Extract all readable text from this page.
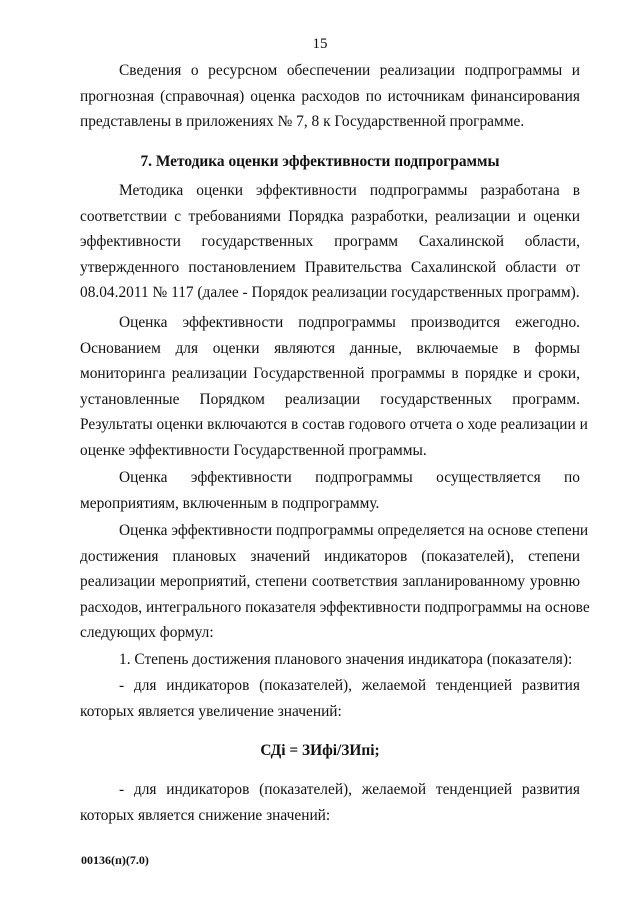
15
Сведения о ресурсном обеспечении реализации подпрограммы и
прогнозная (справочная) оценка расходов по источникам финансирования
представлены в приложениях № 7, 8 к Государственной программе.
7. Методика оценки эффективности подпрограммы
Методика оценки эффективности подпрограммы разработана в
соответствии с требованиями Порядка разработки, реализации и оценки
эффективности государственных программ Сахалинской области,
утвержденного постановлением Правительства Сахалинской области от
08.04.2011 № 117 (далее - Порядок реализации государственных программ).
Оценка эффективности подпрограммы производится ежегодно.
Основанием для оценки являются данные, включаемые в формы
мониторинга реализации Государственной программы в порядке и сроки,
установленные Порядком реализации государственных программ.
Результаты оценки включаются в состав годового отчета о ходе реализации и
оценке эффективности Государственной программы.
Оценка эффективности подпрограммы осуществляется по
мероприятиям, включенным в подпрограмму.
Оценка эффективности подпрограммы определяется на основе степени
достижения плановых значений индикаторов (показателей), степени
реализации мероприятий, степени соответствия запланированному уровню
расходов, интегрального показателя эффективности подпрограммы на основе
следующих формул:
1. Степень достижения планового значения индикатора (показателя):
- для индикаторов (показателей), желаемой тенденцией развития
которых является увеличение значений:
СДi = ЗИфi/ЗИпi;
- для индикаторов (показателей), желаемой тенденцией развития
которых является снижение значений:
00136(п)(7.0)
